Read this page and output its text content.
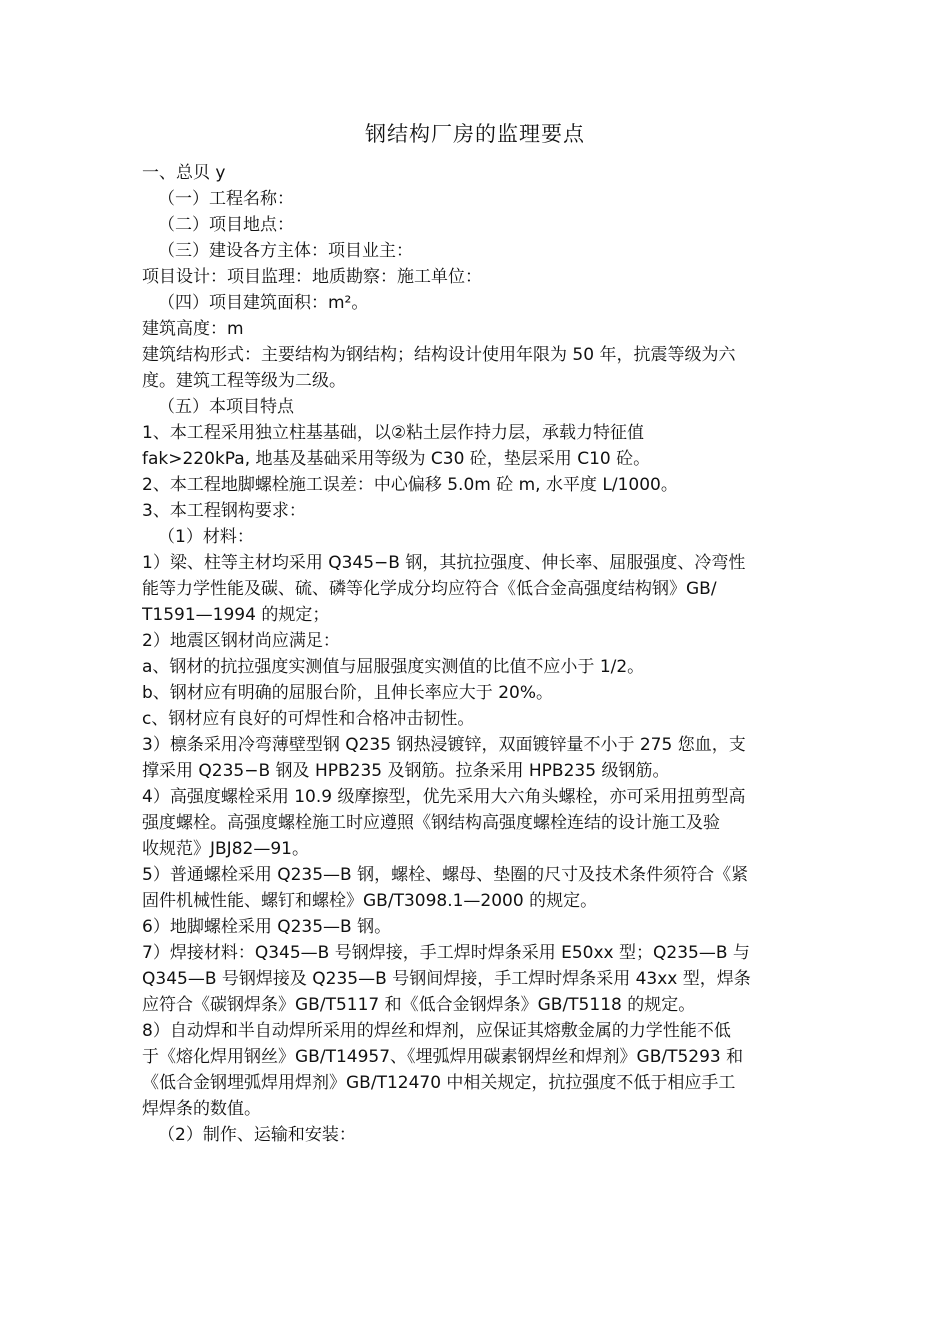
钢结构厂房的监理要点
一、总贝 y
（一）工程名称：
（二）项目地点：
（三）建设各方主体：项目业主：
项目设计：项目监理：地质勘察：施工单位：
（四）项目建筑面积：m²。
建筑高度：m
建筑结构形式：主要结构为钢结构；结构设计使用年限为 50 年，抗震等级为六
度。建筑工程等级为二级。
（五）本项目特点
1、本工程采用独立柱基基础，以②粘土层作持力层，承载力特征值
fak>220kPa, 地基及基础采用等级为 C30 砼，垫层采用 C10 砼。
2、本工程地脚螺栓施工误差：中心偏移 5.0m 砼 m, 水平度 L/1000。
3、本工程钢构要求：
（1）材料：
1）梁、柱等主材均采用 Q345−B 钢，其抗拉强度、伸长率、屈服强度、冷弯性
能等力学性能及碳、硫、磷等化学成分均应符合《低合金高强度结构钢》GB/
T1591—1994 的规定；
2）地震区钢材尚应满足：
a、钢材的抗拉强度实测值与屈服强度实测值的比值不应小于 1/2。
b、钢材应有明确的屈服台阶，且伸长率应大于 20%。
c、钢材应有良好的可焊性和合格冲击韧性。
3）檩条采用冷弯薄壁型钢 Q235 钢热浸镀锌，双面镀锌量不小于 275 您血，支
撑采用 Q235−B 钢及 HPB235 及钢筋。拉条采用 HPB235 级钢筋。
4）高强度螺栓采用 10.9 级摩擦型，优先采用大六角头螺栓，亦可采用扭剪型高
强度螺栓。高强度螺栓施工时应遵照《钢结构高强度螺栓连结的设计施工及验
收规范》JBJ82—91。
5）普通螺栓采用 Q235—B 钢，螺栓、螺母、垫圈的尺寸及技术条件须符合《紧
固件机械性能、螺钉和螺栓》GB/T3098.1—2000 的规定。
6）地脚螺栓采用 Q235—B 钢。
7）焊接材料：Q345—B 号钢焊接，手工焊时焊条采用 E50xx 型；Q235—B 与
Q345—B 号钢焊接及 Q235—B 号钢间焊接，手工焊时焊条采用 43xx 型，焊条
应符合《碳钢焊条》GB/T5117 和《低合金钢焊条》GB/T5118 的规定。
8）自动焊和半自动焊所采用的焊丝和焊剂，应保证其熔敷金属的力学性能不低
于《熔化焊用钢丝》GB/T14957、《埋弧焊用碳素钢焊丝和焊剂》GB/T5293 和
《低合金钢埋弧焊用焊剂》GB/T12470 中相关规定，抗拉强度不低于相应手工
焊焊条的数值。
（2）制作、运输和安装：
